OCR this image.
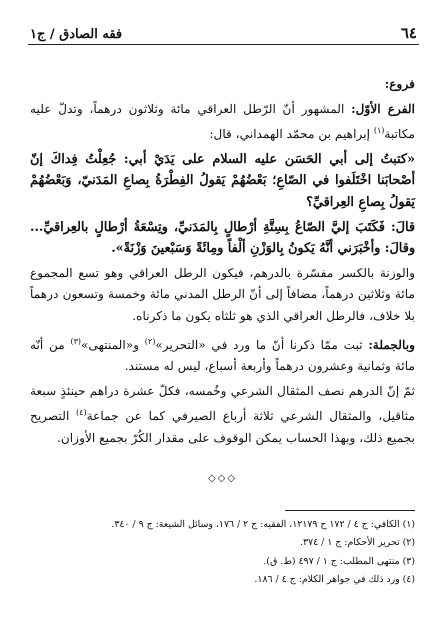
٦٤
فقه الصادق / ج١

فروع:

الفرع الأوّل: المشهور أنّ الرّطل العراقي مائة وثلاثون درهماً، وتدلّ عليه مكاتبة$^{(١)}$ إبراهيم بن محمّد الهمداني، قال:

«كتبتُ إلى أبي الحَسَن عليه السلام على يَدَيْ أبي: جُعِلْتُ فِداكَ إنّ أصْحابَنا اخْتَلَفوا في الصّاعِ؛ بَعْضُهُمْ يَقولُ الفِطْرَةُ بِصاعِ المَدَنيّ، وَبَعْضُهُمْ يَقولُ بِصاعِ العِراقيِّ؟

قالَ: فَكَتَبَ إليَّ الصّاعُ بِسِتَّةِ أرْطالٍ بِالمَدَنيِّ، وتِسْعَةُ أرْطالٍ بالعِراقيِّ... وقالَ: وأخْبَرَني أنَّهُ يَكونُ بِالوَزْنِ ألْفاً ومِائَةً وَسَبْعينَ وَزْنَةً».

والوزنة بالكسر مفسّرة بالدرهم، فيكون الرطل العراقي وهو تسع المجموع مائة وثلاثين درهماً، مضافاً إلى أنّ الرطل المدني مائة وخمسة وتسعون درهماً بلا خلاف، فالرطل العراقي الذي هو ثلثاه يكون ما ذكرناه.

وبالجملة: ثبت ممّا ذكرنا أنّ ما ورد في «التحرير»$^{(٢)}$ و«المنتهى»$^{(٣)}$ من أنّه مائة وثمانية وعشرون درهماً وأربعة أسباع، ليس له مستند.

ثمّ إنّ الدرهم نصف المثقال الشرعي وخُمسه، فكلّ عشرة دراهم حينئذٍ سبعة مثاقيل، والمثقال الشرعي ثلاثة أرباع الصيرفي كما عن جماعة$^{(٤)}$ التصريح بجميع ذلك، وبهذا الحساب يمكن الوقوف على مقدار الكُرّ بجميع الأوزان.

◇◇◇
(١) الكافي: ج ٤ / ١٧٢ ح ١٢١٧٩، الفقيه: ج ٢ / ١٧٦، وسائل الشيعة: ج ٩ / ٣٤٠.
(٢) تحرير الأحكام: ج ١ / ٣٧٤.
(٣) منتهى المطلب: ج ١ / ٤٩٧ (ط. ق).
(٤) ورد ذلك في جواهر الكلام: ج ٤ / ١٨٦.
